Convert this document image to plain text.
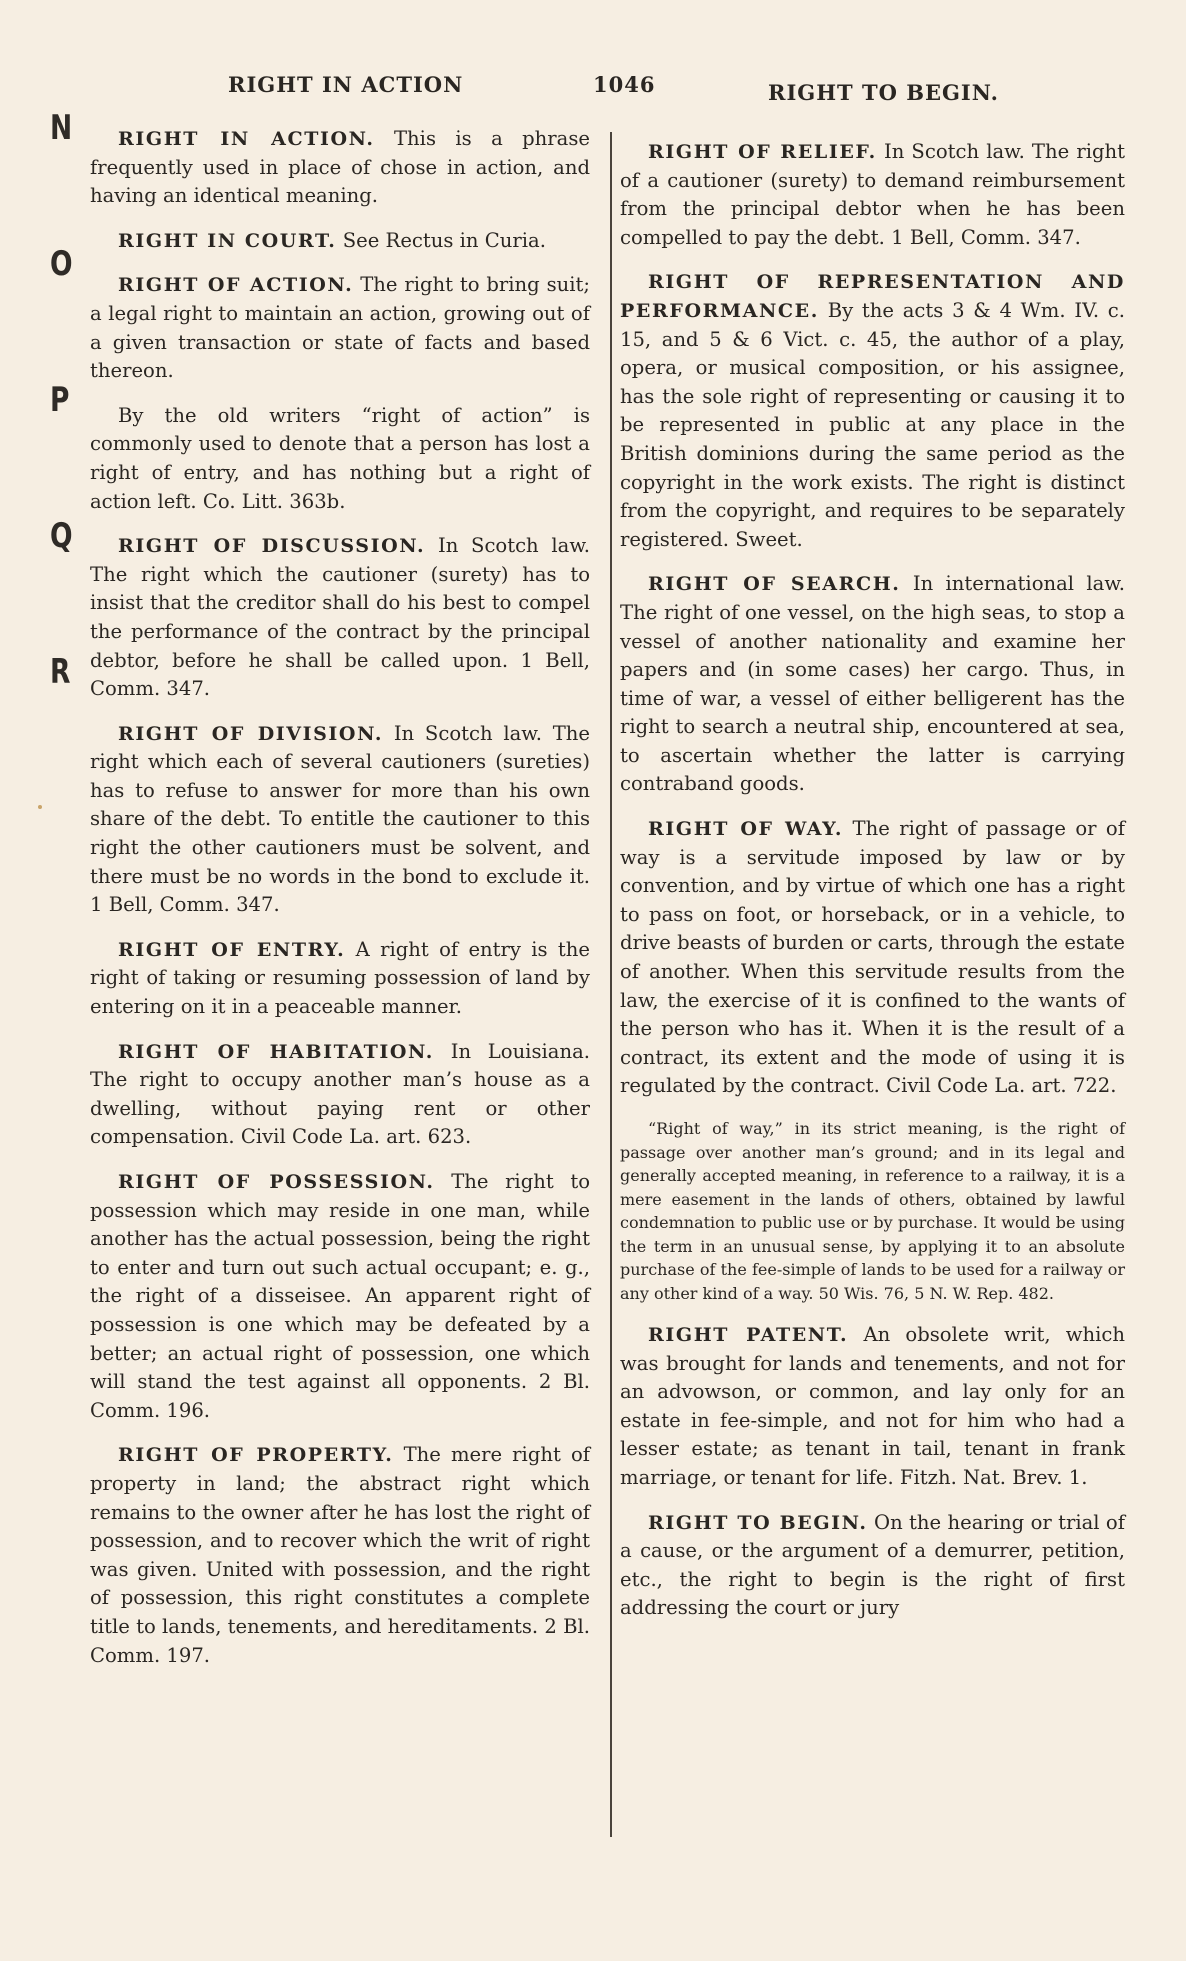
RIGHT IN ACTION	1046	RIGHT TO BEGIN.
N
O
P
Q
R

RIGHT IN ACTION. This is a phrase frequently used in place of chose in action, and having an identical meaning.

RIGHT IN COURT. See Rectus in Curia.

RIGHT OF ACTION. The right to bring suit; a legal right to maintain an action, growing out of a given transaction or state of facts and based thereon.

By the old writers “right of action” is commonly used to denote that a person has lost a right of entry, and has nothing but a right of action left. Co. Litt. 363b.

RIGHT OF DISCUSSION. In Scotch law. The right which the cautioner (surety) has to insist that the creditor shall do his best to compel the performance of the contract by the principal debtor, before he shall be called upon. 1 Bell, Comm. 347.

RIGHT OF DIVISION. In Scotch law. The right which each of several cautioners (sureties) has to refuse to answer for more than his own share of the debt. To entitle the cautioner to this right the other cautioners must be solvent, and there must be no words in the bond to exclude it. 1 Bell, Comm. 347.

RIGHT OF ENTRY. A right of entry is the right of taking or resuming possession of land by entering on it in a peaceable manner.

RIGHT OF HABITATION. In Louisiana. The right to occupy another man’s house as a dwelling, without paying rent or other compensation. Civil Code La. art. 623.

RIGHT OF POSSESSION. The right to possession which may reside in one man, while another has the actual possession, being the right to enter and turn out such actual occupant; e. g., the right of a disseisee. An apparent right of possession is one which may be defeated by a better; an actual right of possession, one which will stand the test against all opponents. 2 Bl. Comm. 196.

RIGHT OF PROPERTY. The mere right of property in land; the abstract right which remains to the owner after he has lost the right of possession, and to recover which the writ of right was given. United with possession, and the right of possession, this right constitutes a complete title to lands, tenements, and hereditaments. 2 Bl. Comm. 197.

RIGHT OF RELIEF. In Scotch law. The right of a cautioner (surety) to demand reimbursement from the principal debtor when he has been compelled to pay the debt. 1 Bell, Comm. 347.

RIGHT OF REPRESENTATION AND PERFORMANCE. By the acts 3 & 4 Wm. IV. c. 15, and 5 & 6 Vict. c. 45, the author of a play, opera, or musical composition, or his assignee, has the sole right of representing or causing it to be represented in public at any place in the British dominions during the same period as the copyright in the work exists. The right is distinct from the copyright, and requires to be separately registered. Sweet.

RIGHT OF SEARCH. In international law. The right of one vessel, on the high seas, to stop a vessel of another nationality and examine her papers and (in some cases) her cargo. Thus, in time of war, a vessel of either belligerent has the right to search a neutral ship, encountered at sea, to ascertain whether the latter is carrying contraband goods.

RIGHT OF WAY. The right of passage or of way is a servitude imposed by law or by convention, and by virtue of which one has a right to pass on foot, or horseback, or in a vehicle, to drive beasts of burden or carts, through the estate of another. When this servitude results from the law, the exercise of it is confined to the wants of the person who has it. When it is the result of a contract, its extent and the mode of using it is regulated by the contract. Civil Code La. art. 722.

“Right of way,” in its strict meaning, is the right of passage over another man’s ground; and in its legal and generally accepted meaning, in reference to a railway, it is a mere easement in the lands of others, obtained by lawful condemnation to public use or by purchase. It would be using the term in an unusual sense, by applying it to an absolute purchase of the fee-simple of lands to be used for a railway or any other kind of a way. 50 Wis. 76, 5 N. W. Rep. 482.

RIGHT PATENT. An obsolete writ, which was brought for lands and tenements, and not for an advowson, or common, and lay only for an estate in fee-simple, and not for him who had a lesser estate; as tenant in tail, tenant in frank marriage, or tenant for life. Fitzh. Nat. Brev. 1.

RIGHT TO BEGIN. On the hearing or trial of a cause, or the argument of a demurrer, petition, etc., the right to begin is the right of first addressing the court or jury
